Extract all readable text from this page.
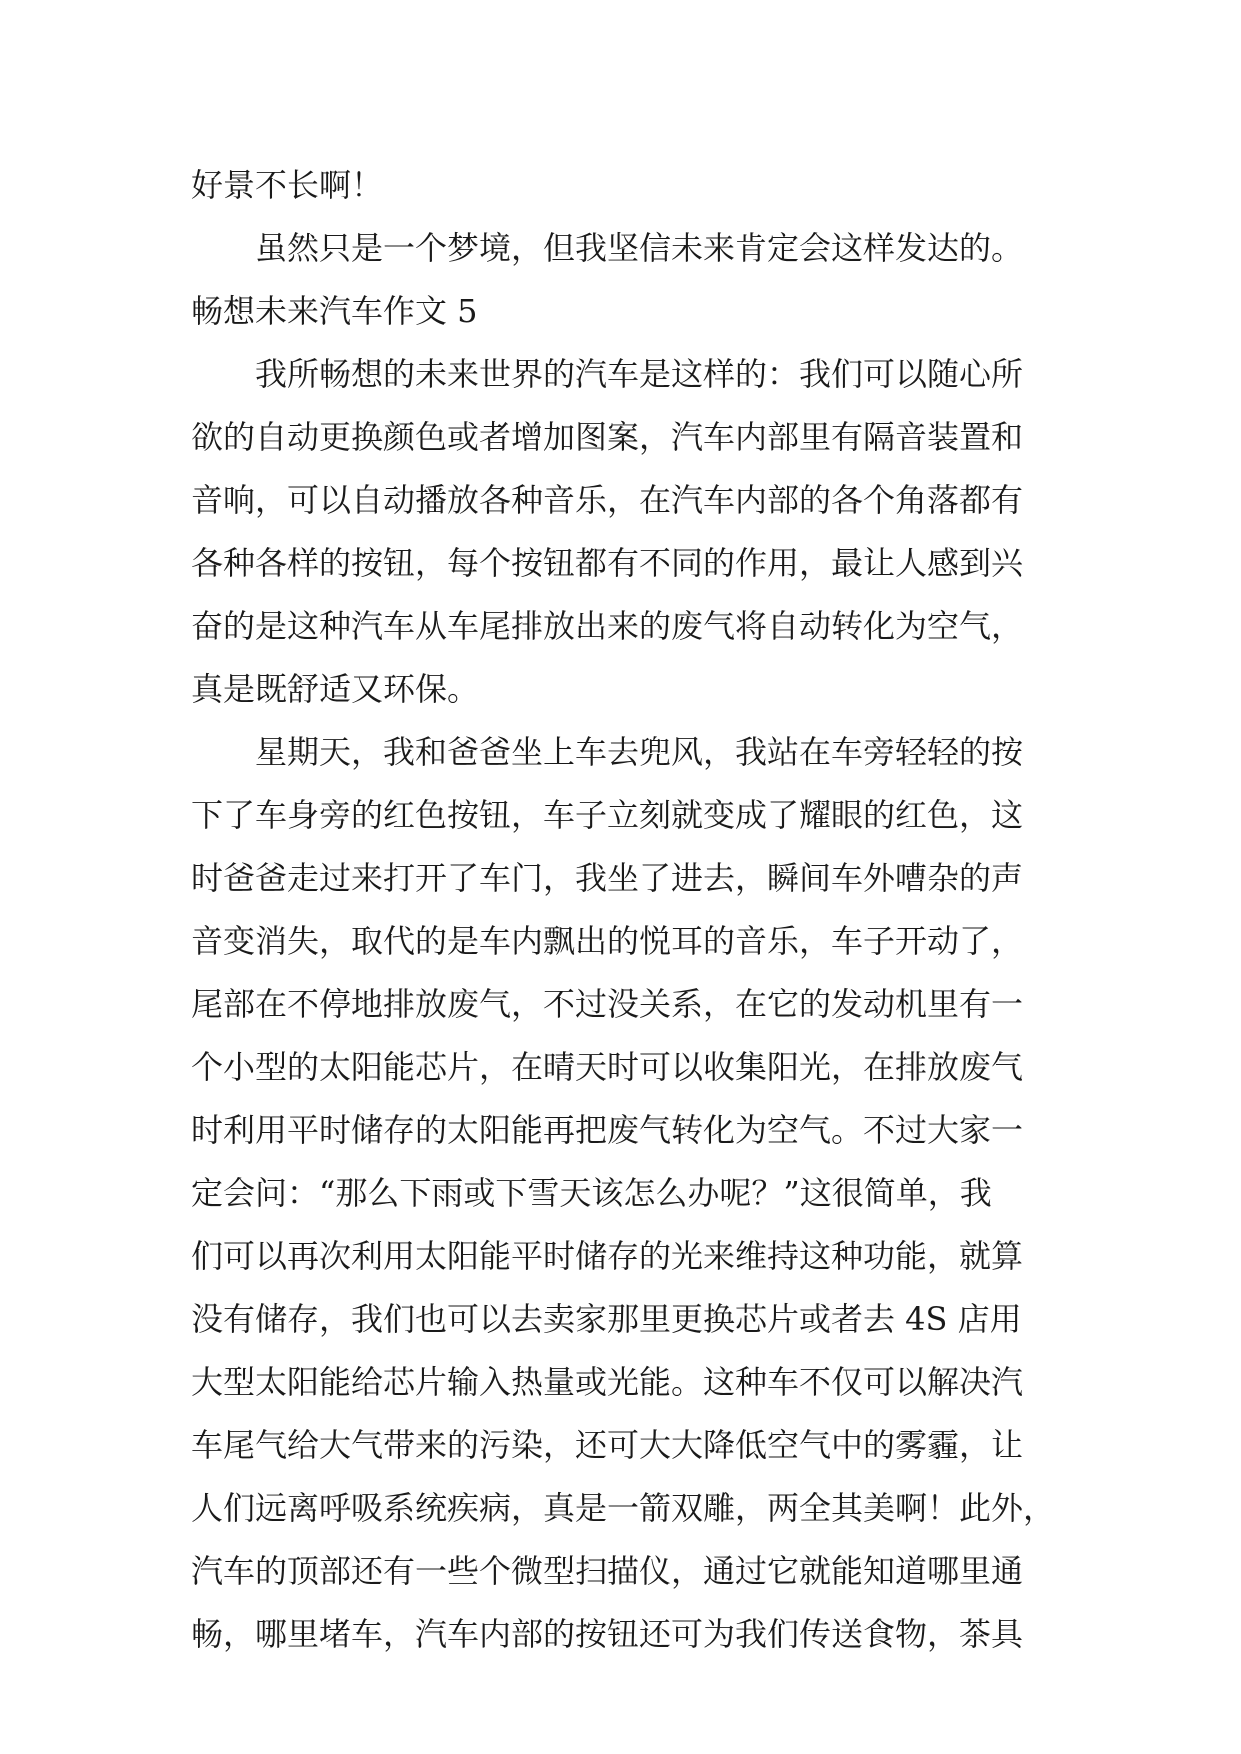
好景不长啊！
虽然只是一个梦境，但我坚信未来肯定会这样发达的。
畅想未来汽车作文 5
我所畅想的未来世界的汽车是这样的：我们可以随心所
欲的自动更换颜色或者增加图案，汽车内部里有隔音装置和
音响，可以自动播放各种音乐，在汽车内部的各个角落都有
各种各样的按钮，每个按钮都有不同的作用，最让人感到兴
奋的是这种汽车从车尾排放出来的废气将自动转化为空气，
真是既舒适又环保。
星期天，我和爸爸坐上车去兜风，我站在车旁轻轻的按
下了车身旁的红色按钮，车子立刻就变成了耀眼的红色，这
时爸爸走过来打开了车门，我坐了进去，瞬间车外嘈杂的声
音变消失，取代的是车内飘出的悦耳的音乐，车子开动了，
尾部在不停地排放废气，不过没关系，在它的发动机里有一
个小型的太阳能芯片，在晴天时可以收集阳光，在排放废气
时利用平时储存的太阳能再把废气转化为空气。不过大家一
定会问：“那么下雨或下雪天该怎么办呢？”这很简单，我
们可以再次利用太阳能平时储存的光来维持这种功能，就算
没有储存，我们也可以去卖家那里更换芯片或者去 4S 店用
大型太阳能给芯片输入热量或光能。这种车不仅可以解决汽
车尾气给大气带来的污染，还可大大降低空气中的雾霾，让
人们远离呼吸系统疾病，真是一箭双雕，两全其美啊！此外，
汽车的顶部还有一些个微型扫描仪，通过它就能知道哪里通
畅，哪里堵车，汽车内部的按钮还可为我们传送食物，茶具
